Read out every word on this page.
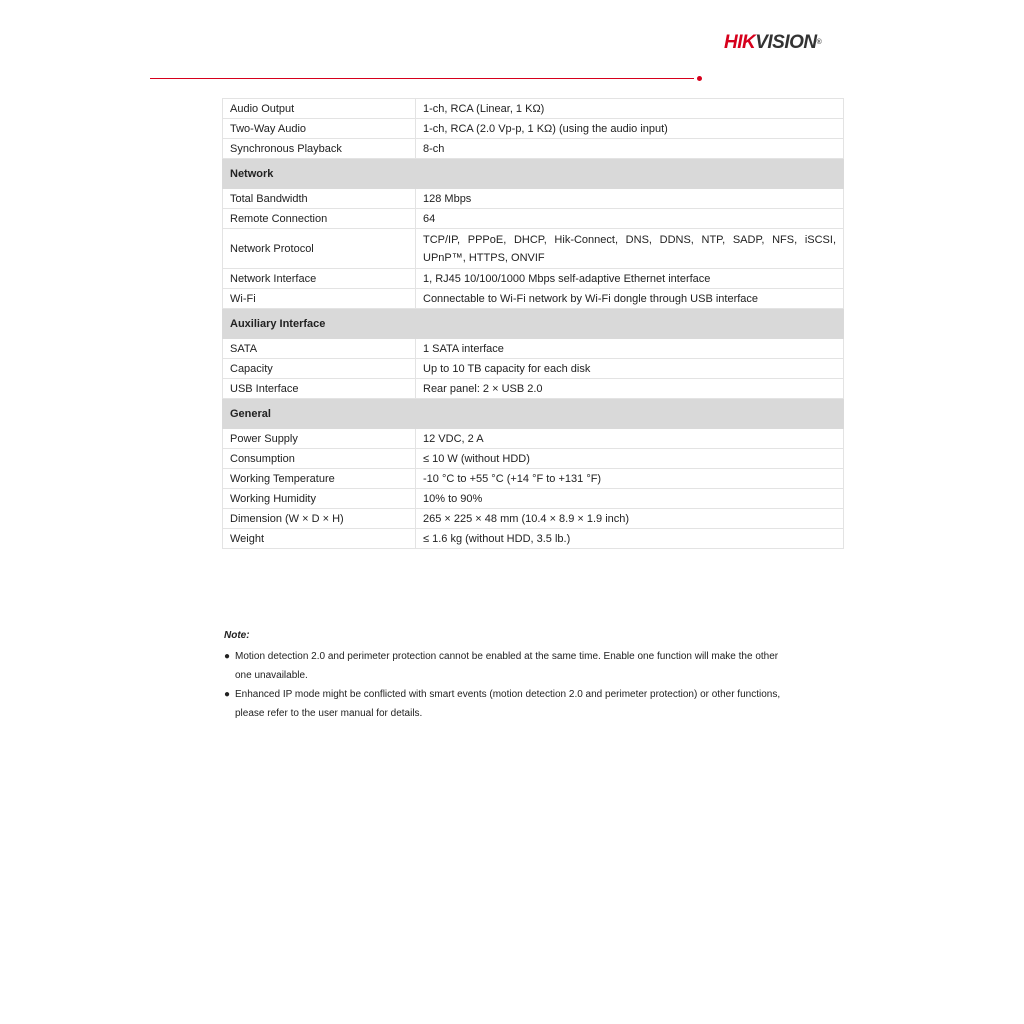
HIKVISION®
Audio Output	1-ch, RCA (Linear, 1 KΩ)
Two-Way Audio	1-ch, RCA (2.0 Vp-p, 1 KΩ) (using the audio input)
Synchronous Playback	8-ch
Network	
Total Bandwidth	128 Mbps
Remote Connection	64
Network Protocol	TCP/IP, PPPoE, DHCP, Hik-Connect, DNS, DDNS, NTP, SADP, NFS, iSCSI, UPnP™, HTTPS, ONVIF
Network Interface	1, RJ45 10/100/1000 Mbps self-adaptive Ethernet interface
Wi-Fi	Connectable to Wi-Fi network by Wi-Fi dongle through USB interface
Auxiliary Interface	
SATA	1 SATA interface
Capacity	Up to 10 TB capacity for each disk
USB Interface	Rear panel: 2 × USB 2.0
General	
Power Supply	12 VDC, 2 A
Consumption	≤ 10 W (without HDD)
Working Temperature	-10 °C to +55 °C (+14 °F to +131 °F)
Working Humidity	10% to 90%
Dimension (W × D × H)	265 × 225 × 48 mm (10.4 × 8.9 × 1.9 inch)
Weight	≤ 1.6 kg (without HDD, 3.5 lb.)
Note:
● Motion detection 2.0 and perimeter protection cannot be enabled at the same time. Enable one function will make the other one unavailable.
● Enhanced IP mode might be conflicted with smart events (motion detection 2.0 and perimeter protection) or other functions, please refer to the user manual for details.
